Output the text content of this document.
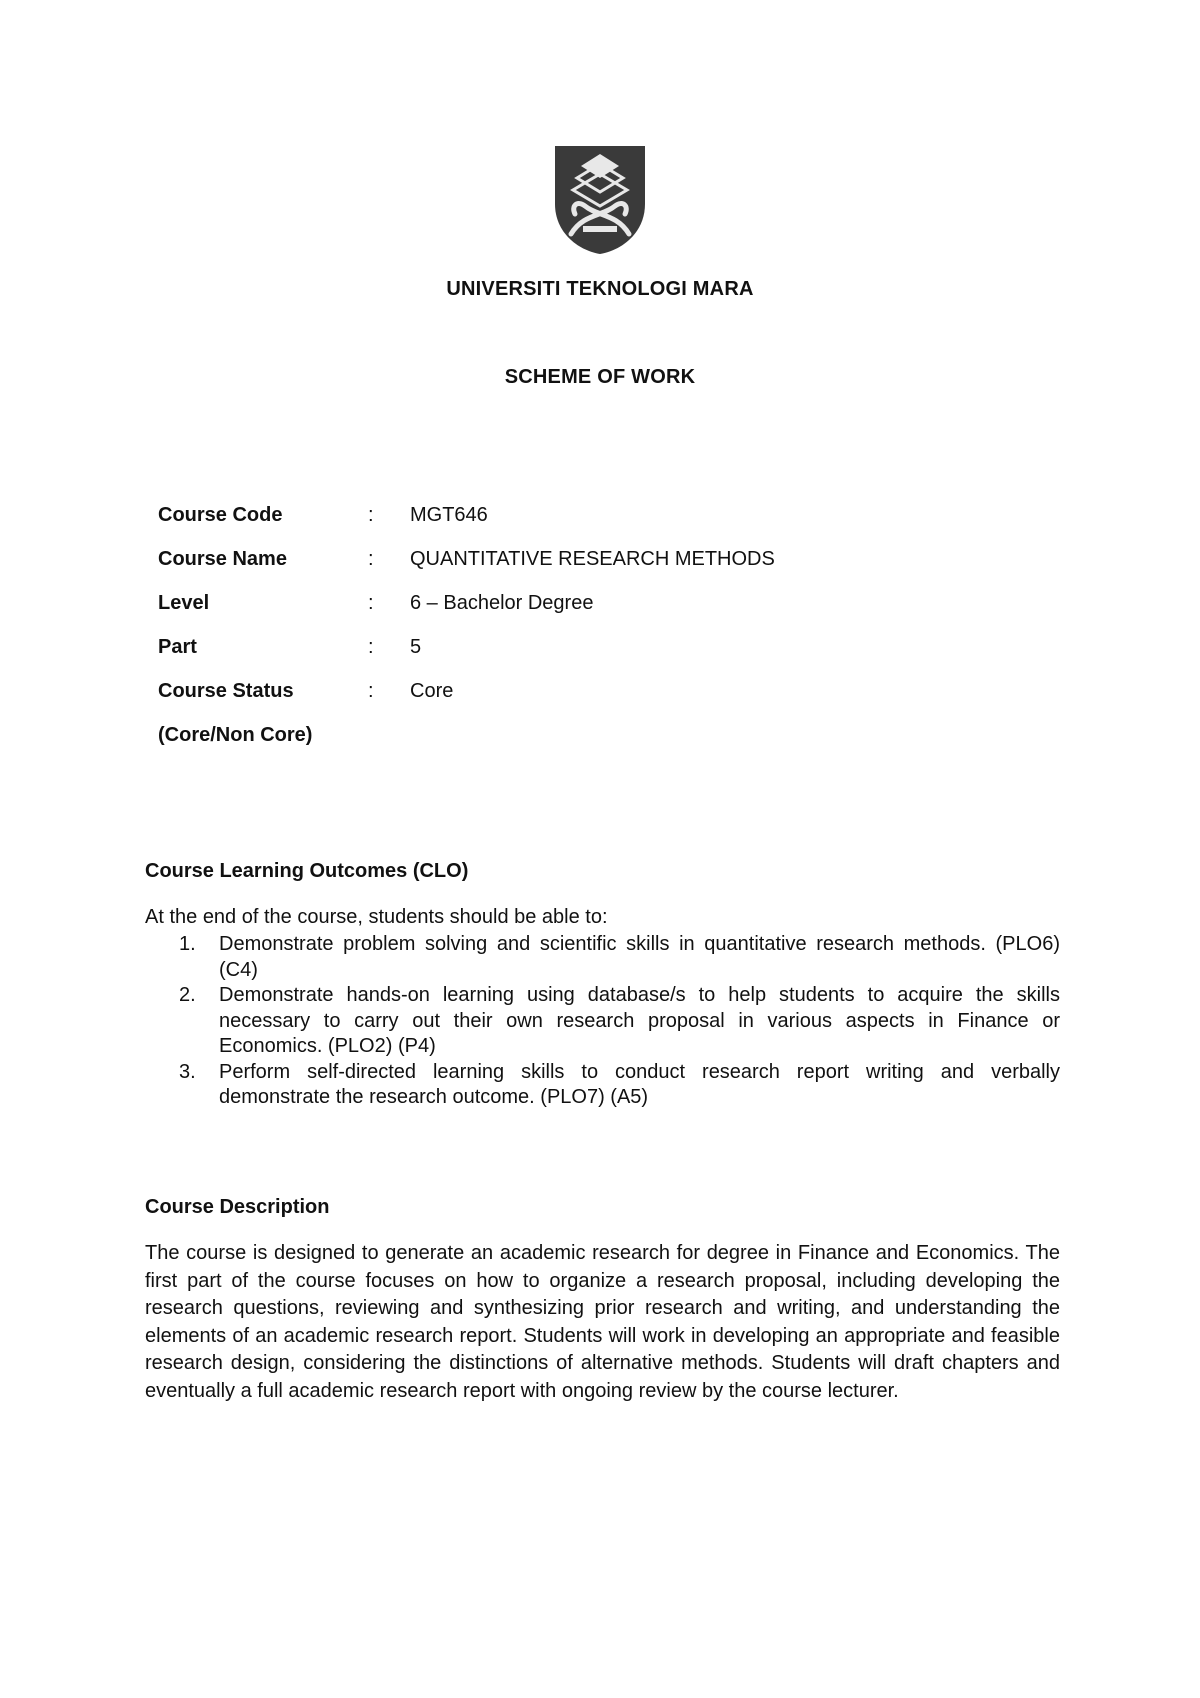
UNIVERSITI TEKNOLOGI MARA
SCHEME OF WORK
Course Code	: MGT646
Course Name	: QUANTITATIVE RESEARCH METHODS
Level	: 6 – Bachelor Degree
Part	: 5
Course Status	: Core
(Core/Non Core)
Course Learning Outcomes (CLO)
At the end of the course, students should be able to:
1. Demonstrate problem solving and scientific skills in quantitative research methods. (PLO6) (C4)
2. Demonstrate hands-on learning using database/s to help students to acquire the skills necessary to carry out their own research proposal in various aspects in Finance or Economics. (PLO2) (P4)
3. Perform self-directed learning skills to conduct research report writing and verbally demonstrate the research outcome. (PLO7) (A5)
Course Description

The course is designed to generate an academic research for degree in Finance and Economics. The first part of the course focuses on how to organize a research proposal, including developing the research questions, reviewing and synthesizing prior research and writing, and understanding the elements of an academic research report. Students will work in developing an appropriate and feasible research design, considering the distinctions of alternative methods. Students will draft chapters and eventually a full academic research report with ongoing review by the course lecturer.
